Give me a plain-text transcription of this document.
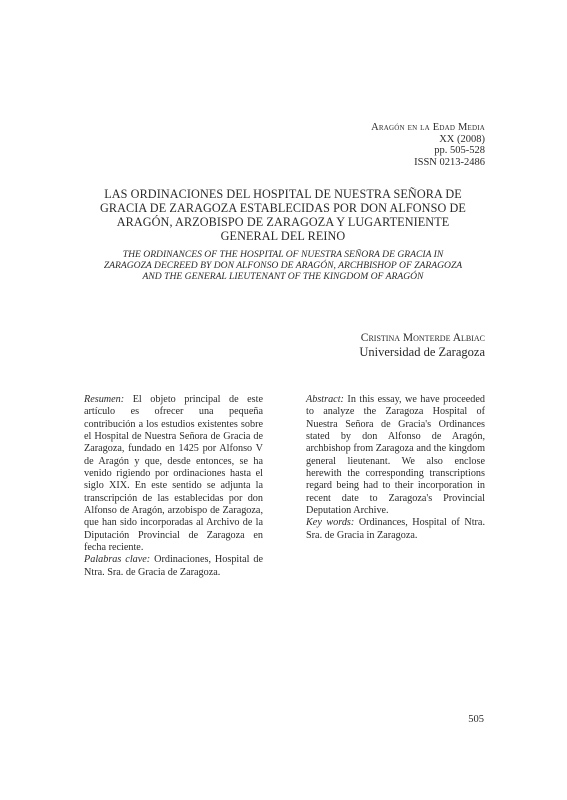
Aragón en la Edad Media
XX (2008)
pp. 505-528
ISSN 0213-2486
LAS ORDINACIONES DEL HOSPITAL DE NUESTRA SEÑORA DE GRACIA DE ZARAGOZA ESTABLECIDAS POR DON ALFONSO DE ARAGÓN, ARZOBISPO DE ZARAGOZA Y LUGARTENIENTE GENERAL DEL REINO
THE ORDINANCES OF THE HOSPITAL OF NUESTRA SEÑORA DE GRACIA IN ZARAGOZA DECREED BY DON ALFONSO DE ARAGÓN, ARCHBISHOP OF ZARAGOZA AND THE GENERAL LIEUTENANT OF THE KINGDOM OF ARAGÓN
Cristina Monterde Albiac
Universidad de Zaragoza

Resumen: El objeto principal de este artículo es ofrecer una pequeña contribución a los estudios existentes sobre el Hospital de Nuestra Señora de Gracia de Zaragoza, fundado en 1425 por Alfonso V de Aragón y que, desde entonces, se ha venido rigiendo por ordinaciones hasta el siglo XIX. En este sentido se adjunta la transcripción de las establecidas por don Alfonso de Aragón, arzobispo de Zaragoza, que han sido incorporadas al Archivo de la Diputación Provincial de Zaragoza en fecha reciente.

Palabras clave: Ordinaciones, Hospital de Ntra. Sra. de Gracia de Zaragoza.

Abstract: In this essay, we have proceeded to analyze the Zaragoza Hospital of Nuestra Señora de Gracia's Ordinances stated by don Alfonso de Aragón, archbishop from Zaragoza and the kingdom general lieutenant. We also enclose herewith the corresponding transcriptions regard being had to their incorporation in recent date to Zaragoza's Provincial Deputation Archive.

Key words: Ordinances, Hospital of Ntra. Sra. de Gracia in Zaragoza.

505
